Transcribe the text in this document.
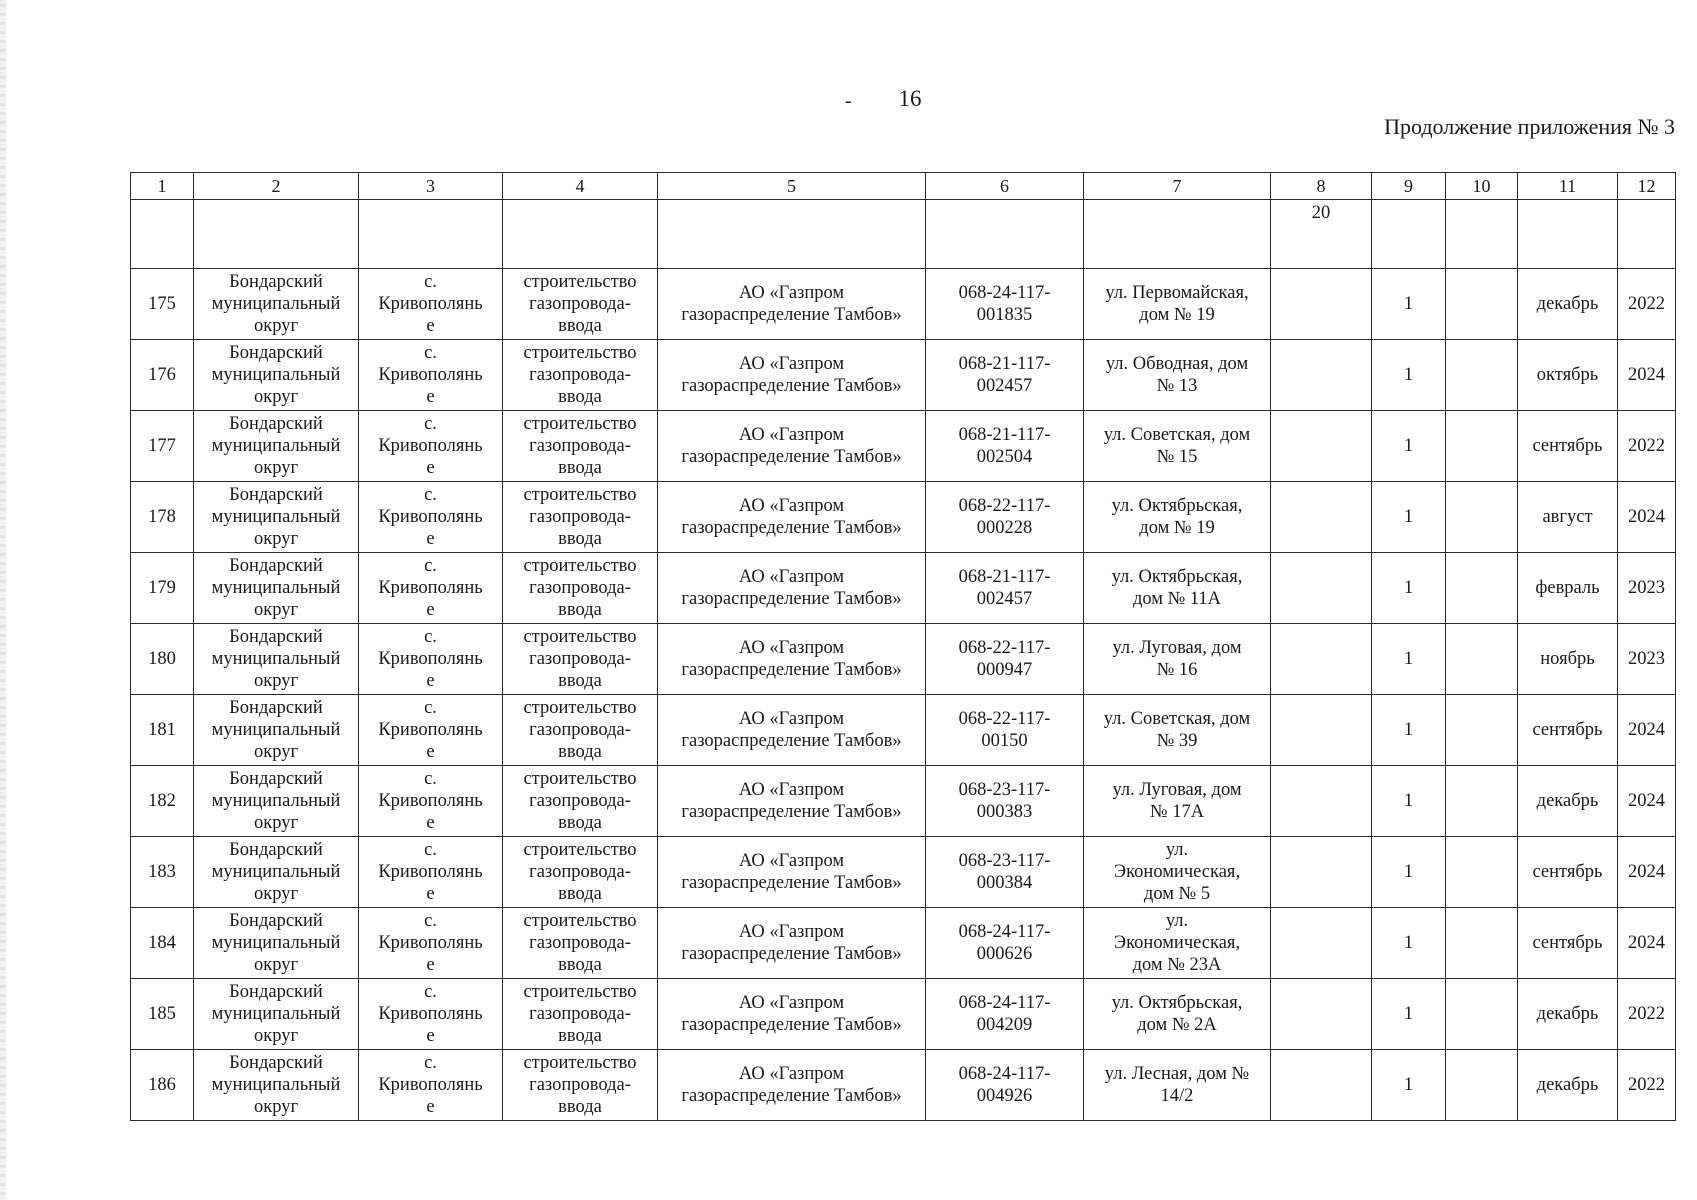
-	16
Продолжение приложения № 3
1	2	3	4	5	6	7	8	9	10	11	12

							20				

175	Бондарский
муниципальный
округ	с.
Кривополянь
е	строительство
газопровода-
ввода	АО «Газпром
газораспределение Тамбов»	068-24-117-
001835	ул. Первомайская,
дом № 19		1		декабрь	2022
176	Бондарский
муниципальный
округ	с.
Кривополянь
е	строительство
газопровода-
ввода	АО «Газпром
газораспределение Тамбов»	068-21-117-
002457	ул. Обводная, дом
№ 13		1		октябрь	2024
177	Бондарский
муниципальный
округ	с.
Кривополянь
е	строительство
газопровода-
ввода	АО «Газпром
газораспределение Тамбов»	068-21-117-
002504	ул. Советская, дом
№ 15		1		сентябрь	2022
178	Бондарский
муниципальный
округ	с.
Кривополянь
е	строительство
газопровода-
ввода	АО «Газпром
газораспределение Тамбов»	068-22-117-
000228	ул. Октябрьская,
дом № 19		1		август	2024
179	Бондарский
муниципальный
округ	с.
Кривополянь
е	строительство
газопровода-
ввода	АО «Газпром
газораспределение Тамбов»	068-21-117-
002457	ул. Октябрьская,
дом № 11А		1		февраль	2023
180	Бондарский
муниципальный
округ	с.
Кривополянь
е	строительство
газопровода-
ввода	АО «Газпром
газораспределение Тамбов»	068-22-117-
000947	ул. Луговая, дом
№ 16		1		ноябрь	2023
181	Бондарский
муниципальный
округ	с.
Кривополянь
е	строительство
газопровода-
ввода	АО «Газпром
газораспределение Тамбов»	068-22-117-
00150	ул. Советская, дом
№ 39		1		сентябрь	2024
182	Бондарский
муниципальный
округ	с.
Кривополянь
е	строительство
газопровода-
ввода	АО «Газпром
газораспределение Тамбов»	068-23-117-
000383	ул. Луговая, дом
№ 17А		1		декабрь	2024
183	Бондарский
муниципальный
округ	с.
Кривополянь
е	строительство
газопровода-
ввода	АО «Газпром
газораспределение Тамбов»	068-23-117-
000384	ул.
Экономическая,
дом № 5		1		сентябрь	2024
184	Бондарский
муниципальный
округ	с.
Кривополянь
е	строительство
газопровода-
ввода	АО «Газпром
газораспределение Тамбов»	068-24-117-
000626	ул.
Экономическая,
дом № 23А		1		сентябрь	2024
185	Бондарский
муниципальный
округ	с.
Кривополянь
е	строительство
газопровода-
ввода	АО «Газпром
газораспределение Тамбов»	068-24-117-
004209	ул. Октябрьская,
дом № 2А		1		декабрь	2022
186	Бондарский
муниципальный
округ	с.
Кривополянь
е	строительство
газопровода-
ввода	АО «Газпром
газораспределение Тамбов»	068-24-117-
004926	ул. Лесная, дом №
14/2		1		декабрь	2022
